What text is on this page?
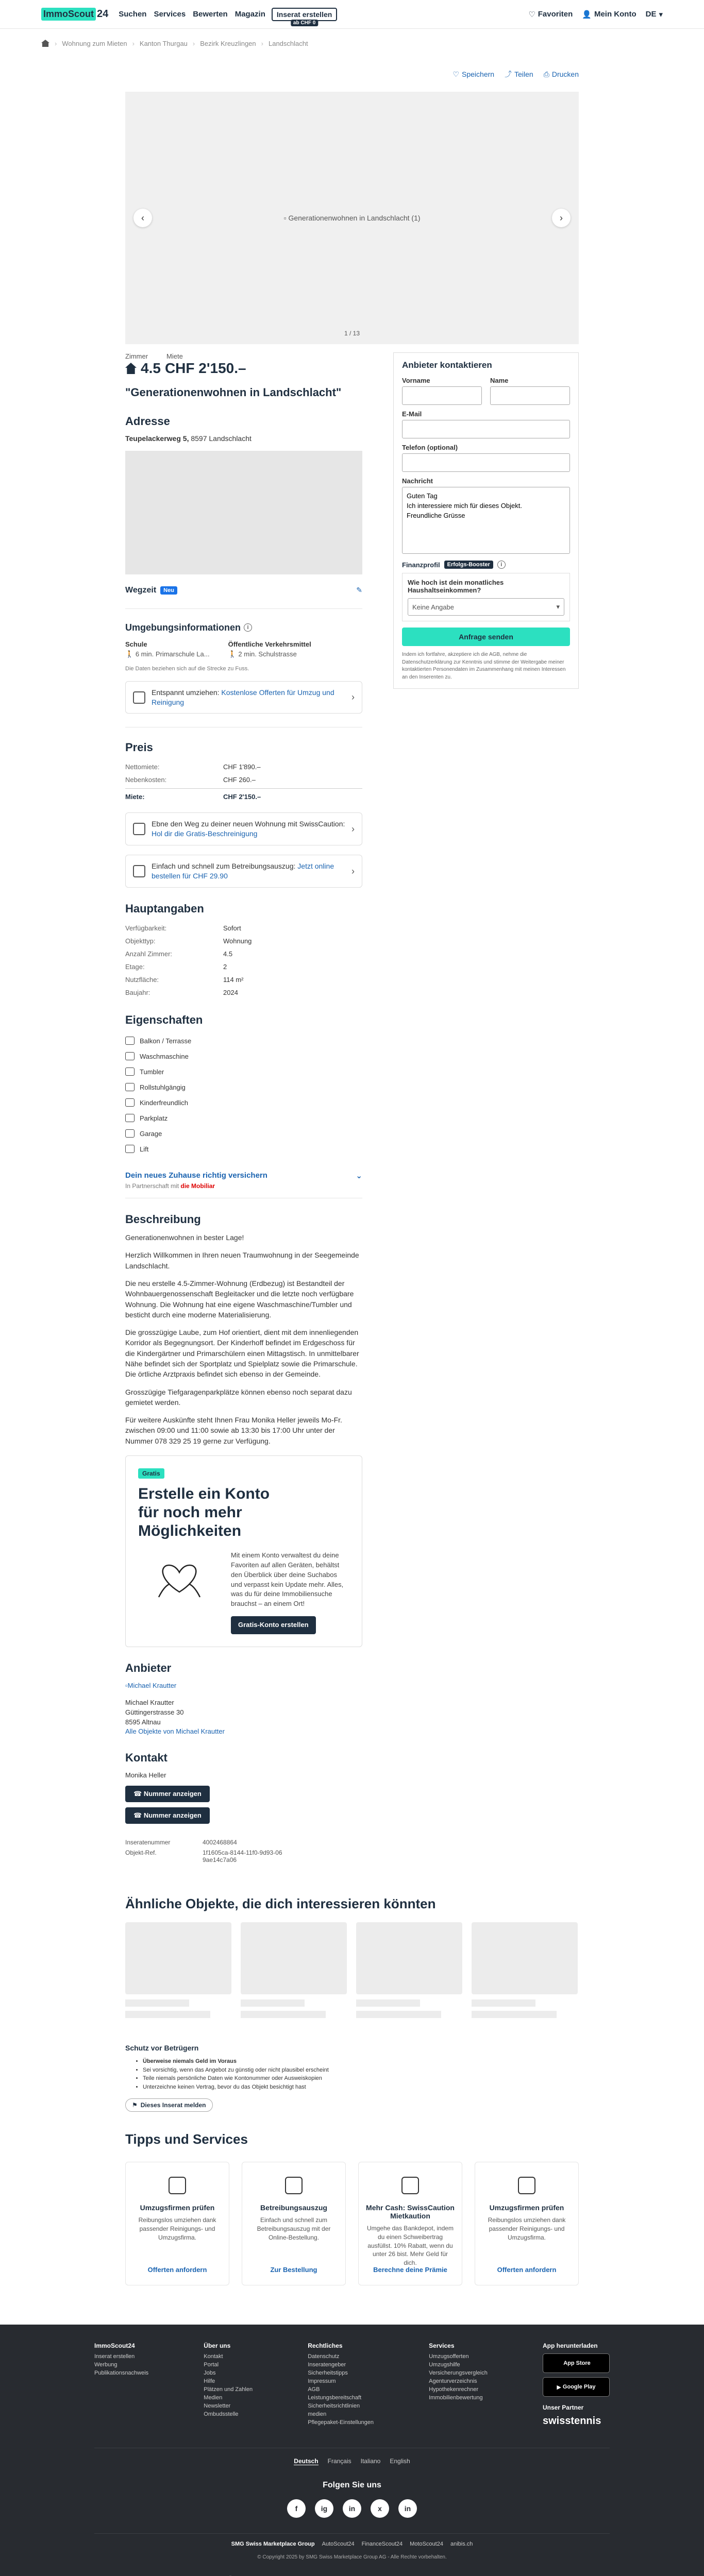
ImmoScout 24 Suchen Services Bewerten Magazin	Inserat erstellen
ab CHF 0
♡ Favoriten 👤 Mein Konto DE ▾
› Wohnung zum Mieten › Kanton Thurgau › Bezirk Kreuzlingen › Landschlacht
♡ Speichern ⤴ Teilen ⎙ Drucken
▫ Generationenwohnen in Landschlacht (1)
‹	›
1 / 13
Zimmer	Miete
4.5 CHF 2'150.–
"Generationenwohnen in Landschlacht"
Adresse
Teupelackerweg 5, 8597 Landschlacht
Wegzeit	Neu	✎
Umgebungsinformationen	i
Schule
🚶 6 min. Primarschule La...
Öffentliche Verkehrsmittel
🚶 2 min. Schulstrasse
Die Daten beziehen sich auf die Strecke zu Fuss.
Entspannt umziehen: Kostenlose Offerten für Umzug und Reinigung	›
Preis
Nettomiete:	CHF 1'890.–
Nebenkosten:	CHF 260.–
Miete:	CHF 2'150.–
Ebne den Weg zu deiner neuen Wohnung mit SwissCaution: Hol dir die Gratis-Beschreinigung	›
Einfach und schnell zum Betreibungsauszug: Jetzt online bestellen für CHF 29.90	›
Hauptangaben
Verfügbarkeit:	Sofort
Objekttyp:	Wohnung
Anzahl Zimmer:	4.5
Etage:	2
Nutzfläche:	114 m²
Baujahr:	2024
Eigenschaften
Balkon / Terrasse
Waschmaschine
Tumbler
Rollstuhlgängig
Kinderfreundlich
Parkplatz
Garage
Lift
Dein neues Zuhause richtig versichern	⌄
In Partnerschaft mit die Mobiliar
Beschreibung

Generationenwohnen in bester Lage!

Herzlich Willkommen in Ihren neuen Traumwohnung in der Seegemeinde Landschlacht.

Die neu erstelle 4.5-Zimmer-Wohnung (Erdbezug) ist Bestandteil der Wohnbauergenossenschaft Begleitacker und die letzte noch verfügbare Wohnung. Die Wohnung hat eine eigene Waschmaschine/Tumbler und besticht durch eine moderne Materialisierung.

Die grosszügige Laube, zum Hof orientiert, dient mit dem innenliegenden Korridor als Begegnungsort. Der Kinderhoff befindet im Erdgeschoss für die Kindergärtner und Primarschülern einen Mittagstisch. In unmittelbarer Nähe befindet sich der Sportplatz und Spielplatz sowie die Primarschule. Die örtliche Arztpraxis befindet sich ebenso in der Gemeinde.

Grosszügige Tiefgaragenparkplätze können ebenso noch separat dazu gemietet werden.

Für weitere Auskünfte steht Ihnen Frau Monika Heller jeweils Mo-Fr. zwischen 09:00 und 11:00 sowie ab 13:30 bis 17:00 Uhr unter der Nummer 078 329 25 19 gerne zur Verfügung.

Gratis
Erstelle ein Konto für noch mehr Möglichkeiten
Mit einem Konto verwaltest du deine Favoriten auf allen Geräten, behältst den Überblick über deine Suchabos und verpasst kein Update mehr. Alles, was du für deine Immobiliensuche brauchst – an einem Ort!
Gratis-Konto erstellen
Anbieter
▫Michael Krautter
Michael Krautter
Güttingerstrasse 30
8595 Altnau
Alle Objekte von Michael Krautter
Kontakt
Monika Heller
☎ Nummer anzeigen
☎ Nummer anzeigen
Inseratenummer	4002468864
Objekt-Ref.	1f1605ca-8144-11f0-9d93-069ae14c7a06
Anbieter kontaktieren
Vorname	Name
E-Mail
Telefon (optional)
Nachricht
Guten Tag Ich interessiere mich für dieses Objekt. Freundliche Grüsse
Finanzprofil	Erfolgs-Booster	i
Wie hoch ist dein monatliches Haushaltseinkommen?
Keine Angabe	▾
Anfrage senden
Indem ich fortfahre, akzeptiere ich die AGB, nehme die Datenschutzerklärung zur Kenntnis und stimme der Weitergabe meiner kontaktierten Personendaten im Zusammenhang mit meinen Interessen an den Inserenten zu.
Ähnliche Objekte, die dich interessieren könnten
Schutz vor Betrügern
• Überweise niemals Geld im Voraus
• Sei vorsichtig, wenn das Angebot zu günstig oder nicht plausibel erscheint
• Teile niemals persönliche Daten wie Kontonummer oder Ausweiskopien
• Unterzeichne keinen Vertrag, bevor du das Objekt besichtigt hast
⚑ Dieses Inserat melden
Tipps und Services
Umzugsfirmen prüfen
Reibungslos umziehen dank passender Reinigungs- und Umzugsfirma.
Offerten anfordern
Betreibungsauszug
Einfach und schnell zum Betreibungsauszug mit der Online-Bestellung.
Zur Bestellung
Mehr Cash: SwissCaution Mietkaution
Umgehe das Bankdepot, indem du einen Schweibertrag ausfüllst. 10% Rabatt, wenn du unter 26 bist. Mehr Geld für dich.
Berechne deine Prämie
Umzugsfirmen prüfen
Reibungslos umziehen dank passender Reinigungs- und Umzugsfirma.
Offerten anfordern
ImmoScout24
Inserat erstellen
Werbung
Publikationsnachweis
Über uns
Kontakt
Portal
Jobs
Hilfe
Plätzen und Zahlen
Medien
Newsletter
Ombudsstelle
Rechtliches
Datenschutz
Inseratengeber
Sicherheitstipps
Impressum
AGB
Leistungsbereitschaft
Sicherheitsrichtlinien
medien
Pflegepaket-Einstellungen
Services
Umzugsofferten
Umzugshilfe
Versicherungsvergleich
Agenturverzeichnis
Hypothekenrechner
Immobilienbewertung
App herunterladen

App Store
▶
Google Play
Unser Partner
swisstennis
Deutsch Français Italiano English
Folgen Sie uns
f	ig	in	x	in
SMG Swiss Marketplace Group AutoScout24 FinanceScout24 MotoScout24 anibis.ch
© Copyright 2025 by SMG Swiss Marketplace Group AG - Alle Rechte vorbehalten.
